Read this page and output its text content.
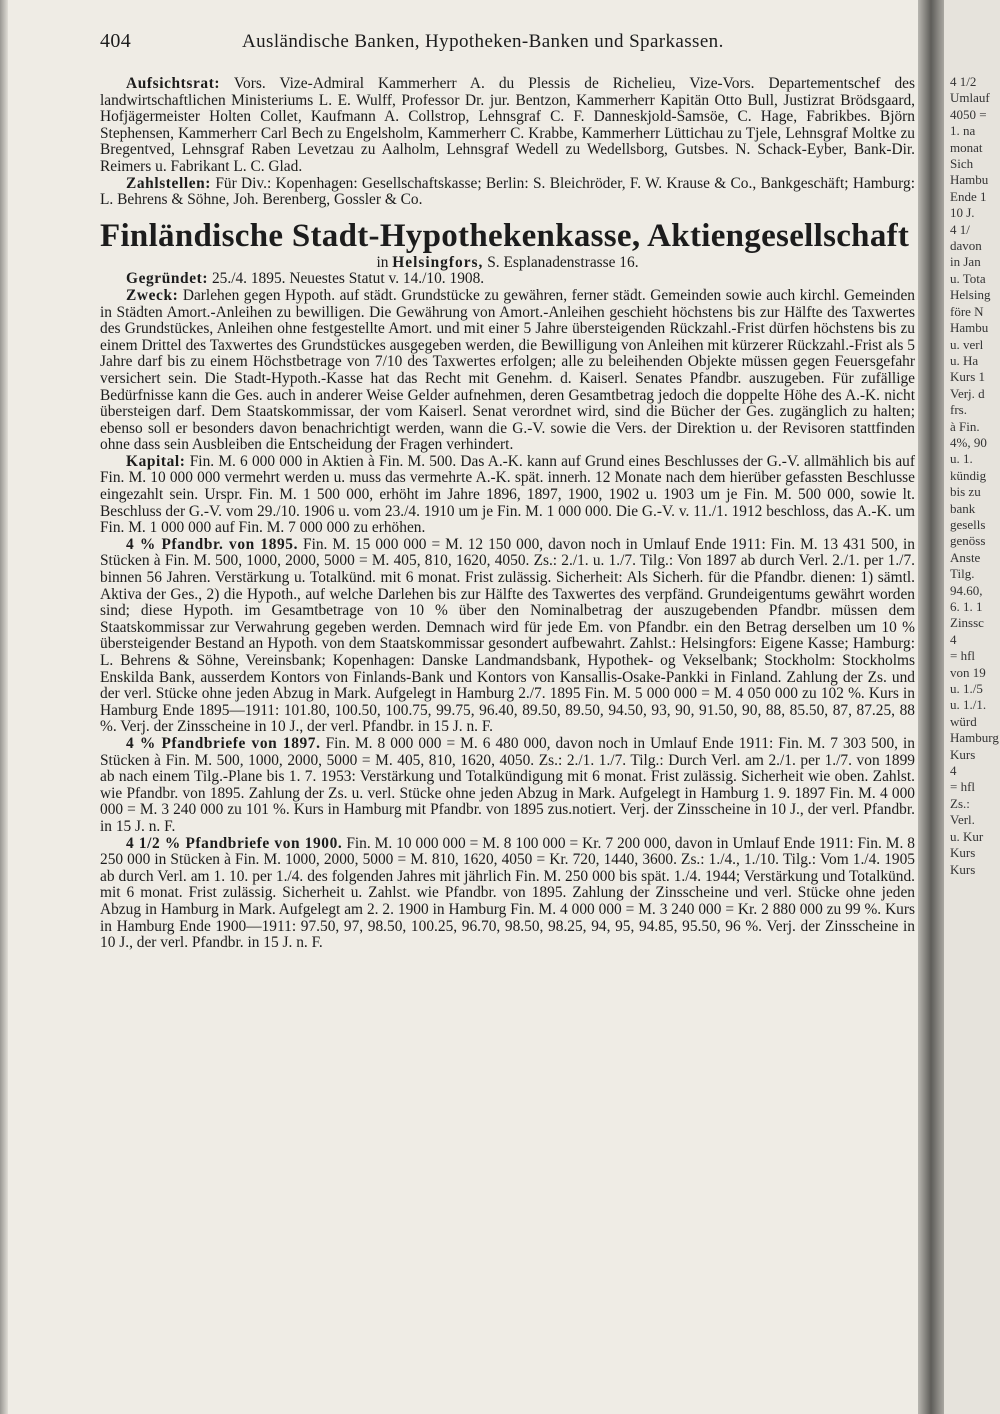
404	Ausländische Banken, Hypotheken-Banken und Sparkassen.

Aufsichtsrat: Vors. Vize-Admiral Kammerherr A. du Plessis de Richelieu, Vize-Vors. Departementschef des landwirtschaftlichen Ministeriums L. E. Wulff, Professor Dr. jur. Bentzon, Kammerherr Kapitän Otto Bull, Justizrat Brödsgaard, Hofjägermeister Holten Collet, Kaufmann A. Collstrop, Lehnsgraf C. F. Danneskjold-Samsöe, C. Hage, Fabrikbes. Björn Stephensen, Kammerherr Carl Bech zu Engelsholm, Kammerherr C. Krabbe, Kammerherr Lüttichau zu Tjele, Lehnsgraf Moltke zu Bregentved, Lehnsgraf Raben Levetzau zu Aalholm, Lehnsgraf Wedell zu Wedellsborg, Gutsbes. N. Schack-Eyber, Bank-Dir. Reimers u. Fabrikant L. C. Glad.

Zahlstellen: Für Div.: Kopenhagen: Gesellschaftskasse; Berlin: S. Bleichröder, F. W. Krause & Co., Bankgeschäft; Hamburg: L. Behrens & Söhne, Joh. Berenberg, Gossler & Co.

Finländische Stadt-Hypothekenkasse, Aktiengesellschaft

in Helsingfors, S. Esplanadenstrasse 16.

Gegründet: 25./4. 1895. Neuestes Statut v. 14./10. 1908.

Zweck: Darlehen gegen Hypoth. auf städt. Grundstücke zu gewähren, ferner städt. Gemeinden sowie auch kirchl. Gemeinden in Städten Amort.-Anleihen zu bewilligen. Die Gewährung von Amort.-Anleihen geschieht höchstens bis zur Hälfte des Taxwertes des Grundstückes, Anleihen ohne festgestellte Amort. und mit einer 5 Jahre übersteigenden Rückzahl.-Frist dürfen höchstens bis zu einem Drittel des Taxwertes des Grundstückes ausgegeben werden, die Bewilligung von Anleihen mit kürzerer Rückzahl.-Frist als 5 Jahre darf bis zu einem Höchstbetrage von 7/10 des Taxwertes erfolgen; alle zu beleihenden Objekte müssen gegen Feuersgefahr versichert sein. Die Stadt-Hypoth.-Kasse hat das Recht mit Genehm. d. Kaiserl. Senates Pfandbr. auszugeben. Für zufällige Bedürfnisse kann die Ges. auch in anderer Weise Gelder aufnehmen, deren Gesamtbetrag jedoch die doppelte Höhe des A.-K. nicht übersteigen darf. Dem Staatskommissar, der vom Kaiserl. Senat verordnet wird, sind die Bücher der Ges. zugänglich zu halten; ebenso soll er besonders davon benachrichtigt werden, wann die G.-V. sowie die Vers. der Direktion u. der Revisoren stattfinden ohne dass sein Ausbleiben die Entscheidung der Fragen verhindert.

Kapital: Fin. M. 6 000 000 in Aktien à Fin. M. 500. Das A.-K. kann auf Grund eines Beschlusses der G.-V. allmählich bis auf Fin. M. 10 000 000 vermehrt werden u. muss das vermehrte A.-K. spät. innerh. 12 Monate nach dem hierüber gefassten Beschlusse eingezahlt sein. Urspr. Fin. M. 1 500 000, erhöht im Jahre 1896, 1897, 1900, 1902 u. 1903 um je Fin. M. 500 000, sowie lt. Beschluss der G.-V. vom 29./10. 1906 u. vom 23./4. 1910 um je Fin. M. 1 000 000. Die G.-V. v. 11./1. 1912 beschloss, das A.-K. um Fin. M. 1 000 000 auf Fin. M. 7 000 000 zu erhöhen.

4 % Pfandbr. von 1895. Fin. M. 15 000 000 = M. 12 150 000, davon noch in Umlauf Ende 1911: Fin. M. 13 431 500, in Stücken à Fin. M. 500, 1000, 2000, 5000 = M. 405, 810, 1620, 4050. Zs.: 2./1. u. 1./7. Tilg.: Von 1897 ab durch Verl. 2./1. per 1./7. binnen 56 Jahren. Verstärkung u. Totalkünd. mit 6 monat. Frist zulässig. Sicherheit: Als Sicherh. für die Pfandbr. dienen: 1) sämtl. Aktiva der Ges., 2) die Hypoth., auf welche Darlehen bis zur Hälfte des Taxwertes des verpfänd. Grundeigentums gewährt worden sind; diese Hypoth. im Gesamtbetrage von 10 % über den Nominalbetrag der auszugebenden Pfandbr. müssen dem Staatskommissar zur Verwahrung gegeben werden. Demnach wird für jede Em. von Pfandbr. ein den Betrag derselben um 10 % übersteigender Bestand an Hypoth. von dem Staatskommissar gesondert aufbewahrt. Zahlst.: Helsingfors: Eigene Kasse; Hamburg: L. Behrens & Söhne, Vereinsbank; Kopenhagen: Danske Landmandsbank, Hypothek- og Vekselbank; Stockholm: Stockholms Enskilda Bank, ausserdem Kontors von Finlands-Bank und Kontors von Kansallis-Osake-Pankki in Finland. Zahlung der Zs. und der verl. Stücke ohne jeden Abzug in Mark. Aufgelegt in Hamburg 2./7. 1895 Fin. M. 5 000 000 = M. 4 050 000 zu 102 %. Kurs in Hamburg Ende 1895—1911: 101.80, 100.50, 100.75, 99.75, 96.40, 89.50, 89.50, 94.50, 93, 90, 91.50, 90, 88, 85.50, 87, 87.25, 88 %. Verj. der Zinsscheine in 10 J., der verl. Pfandbr. in 15 J. n. F.

4 % Pfandbriefe von 1897. Fin. M. 8 000 000 = M. 6 480 000, davon noch in Umlauf Ende 1911: Fin. M. 7 303 500, in Stücken à Fin. M. 500, 1000, 2000, 5000 = M. 405, 810, 1620, 4050. Zs.: 2./1. 1./7. Tilg.: Durch Verl. am 2./1. per 1./7. von 1899 ab nach einem Tilg.-Plane bis 1. 7. 1953: Verstärkung und Totalkündigung mit 6 monat. Frist zulässig. Sicherheit wie oben. Zahlst. wie Pfandbr. von 1895. Zahlung der Zs. u. verl. Stücke ohne jeden Abzug in Mark. Aufgelegt in Hamburg 1. 9. 1897 Fin. M. 4 000 000 = M. 3 240 000 zu 101 %. Kurs in Hamburg mit Pfandbr. von 1895 zus.notiert. Verj. der Zinsscheine in 10 J., der verl. Pfandbr. in 15 J. n. F.

4 1/2 % Pfandbriefe von 1900. Fin. M. 10 000 000 = M. 8 100 000 = Kr. 7 200 000, davon in Umlauf Ende 1911: Fin. M. 8 250 000 in Stücken à Fin. M. 1000, 2000, 5000 = M. 810, 1620, 4050 = Kr. 720, 1440, 3600. Zs.: 1./4., 1./10. Tilg.: Vom 1./4. 1905 ab durch Verl. am 1. 10. per 1./4. des folgenden Jahres mit jährlich Fin. M. 250 000 bis spät. 1./4. 1944; Verstärkung und Totalkünd. mit 6 monat. Frist zulässig. Sicherheit u. Zahlst. wie Pfandbr. von 1895. Zahlung der Zinsscheine und verl. Stücke ohne jeden Abzug in Hamburg in Mark. Aufgelegt am 2. 2. 1900 in Hamburg Fin. M. 4 000 000 = M. 3 240 000 = Kr. 2 880 000 zu 99 %. Kurs in Hamburg Ende 1900—1911: 97.50, 97, 98.50, 100.25, 96.70, 98.50, 98.25, 94, 95, 94.85, 95.50, 96 %. Verj. der Zinsscheine in 10 J., der verl. Pfandbr. in 15 J. n. F.

4 1/2
Umlauf
4050 =
1. na
monat
Sich
Hambu
Ende 1
10 J.
4 1/
davon
in Jan
u. Tota
Helsing
före N
Hambu
u. verl
u. Ha
Kurs 1
Verj. d
frs.
à Fin.
4%, 90
u. 1.
kündig
bis zu
bank
gesells
genöss
Anste
Tilg.
94.60,
6. 1. 1
Zinssc
4
= hfl
von 19
u. 1./5
u. 1./1.
würd
Hamburg
Kurs
4
= hfl
Zs.:
Verl.
u. Kur
Kurs
Kurs
